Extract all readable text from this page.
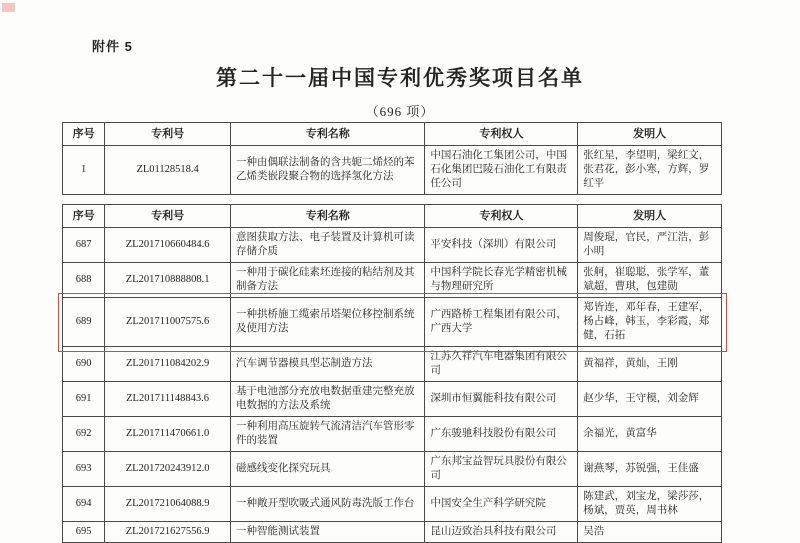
附件 5
第二十一届中国专利优秀奖项目名单
（696 项）
序号	专利号	专利名称	专利权人	发明人
1	ZL01128518.4	一种由偶联法制备的含共轭二烯烃的苯乙烯类嵌段聚合物的选择氢化方法	中国石油化工集团公司，中国石化集团巴陵石油化工有限责任公司	张红星，李望明，梁红文，张君花，彭小寒，方辉，罗红平
序号	专利号	专利名称	专利权人	发明人
687	ZL201710660484.6	意图获取方法、电子装置及计算机可读存储介质	平安科技（深圳）有限公司	周俊琨，官民，严江浩，彭小明
688	ZL201710888808.1	一种用于碳化硅素坯连接的粘结剂及其制备方法	中国科学院长春光学精密机械与物理研究所	张舸，崔聪聪，张学军，董斌超，曹琪，包建勋
689	ZL201711007575.6	一种拱桥施工缆索吊塔架位移控制系统及使用方法	广西路桥工程集团有限公司，广西大学	郑皆连，邓年春，王建军，杨占峰，韩玉，李彩霞，郑健，石拓
690	ZL201711084202.9	汽车调节器模具型芯制造方法	江苏久祥汽车电器集团有限公司	黄福祥，黄灿，王刚
691	ZL201711148843.6	基于电池部分充放电数据重建完整充放电数据的方法及系统	深圳市恒翼能科技有限公司	赵少华，王守模，刘金辉
692	ZL201711470661.0	一种利用高压旋转气流清洁汽车管形零件的装置	广东骏驰科技股份有限公司	余福光，黄富华
693	ZL201720243912.0	磁感线变化探究玩具	广东邦宝益智玩具股份有限公司	谢燕琴，苏锐强，王佳盛
694	ZL201721064088.9	一种敞开型吹吸式通风防毒洗版工作台	中国安全生产科学研究院	陈建武，刘宝龙，梁莎莎，杨斌，贾英，周书林
695	ZL201721627556.9	一种智能测试装置	昆山迈致治具科技有限公司	吴浩
